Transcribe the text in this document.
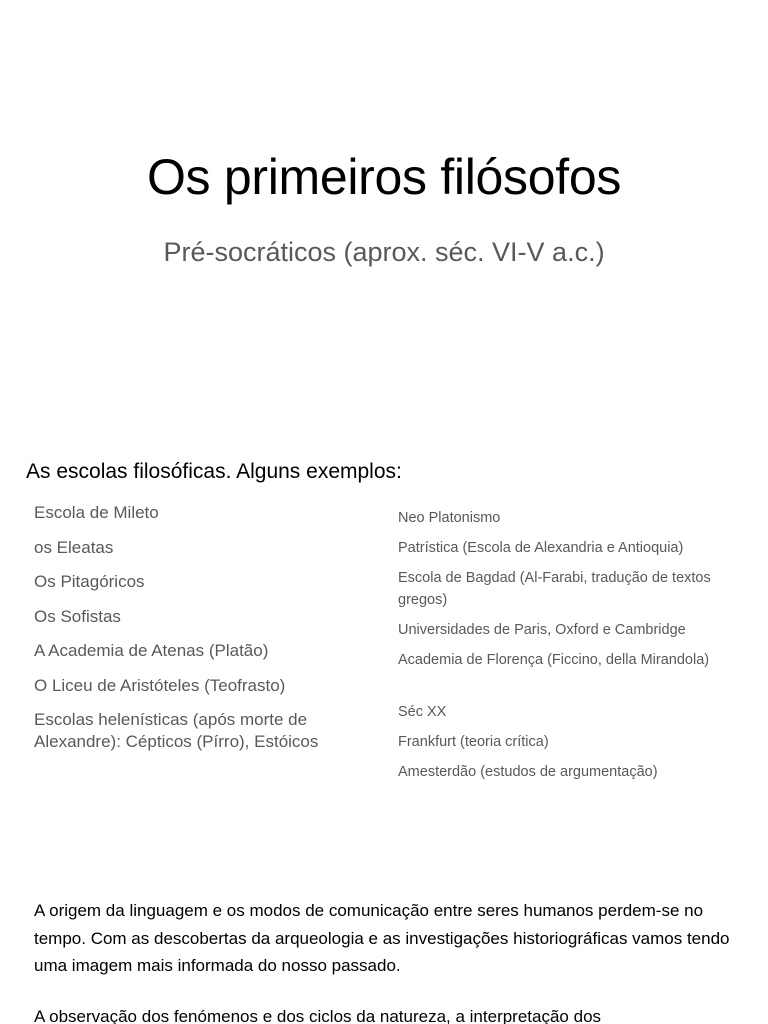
Os primeiros filósofos
Pré-socráticos (aprox. séc. VI-V a.c.)
As escolas filosóficas. Alguns exemplos:
Escola de Mileto
os Eleatas
Os Pitagóricos
Os Sofistas
A Academia de Atenas (Platão)
O Liceu de Aristóteles (Teofrasto)
Escolas helenísticas (após morte de Alexandre): Cépticos (Pírro), Estóicos
Neo Platonismo
Patrística (Escola de Alexandria e Antioquia)
Escola de Bagdad (Al-Farabi, tradução de textos gregos)
Universidades de Paris, Oxford e Cambridge
Academia de Florença (Ficcino, della Mirandola)
Séc XX
Frankfurt (teoria crítica)
Amesterdão (estudos de argumentação)

A origem da linguagem e os modos de comunicação entre seres humanos perdem-se no tempo. Com as descobertas da arqueologia e as investigações historiográficas vamos tendo uma imagem mais informada do nosso passado.

A observação dos fenómenos e dos ciclos da natureza, a interpretação dos
